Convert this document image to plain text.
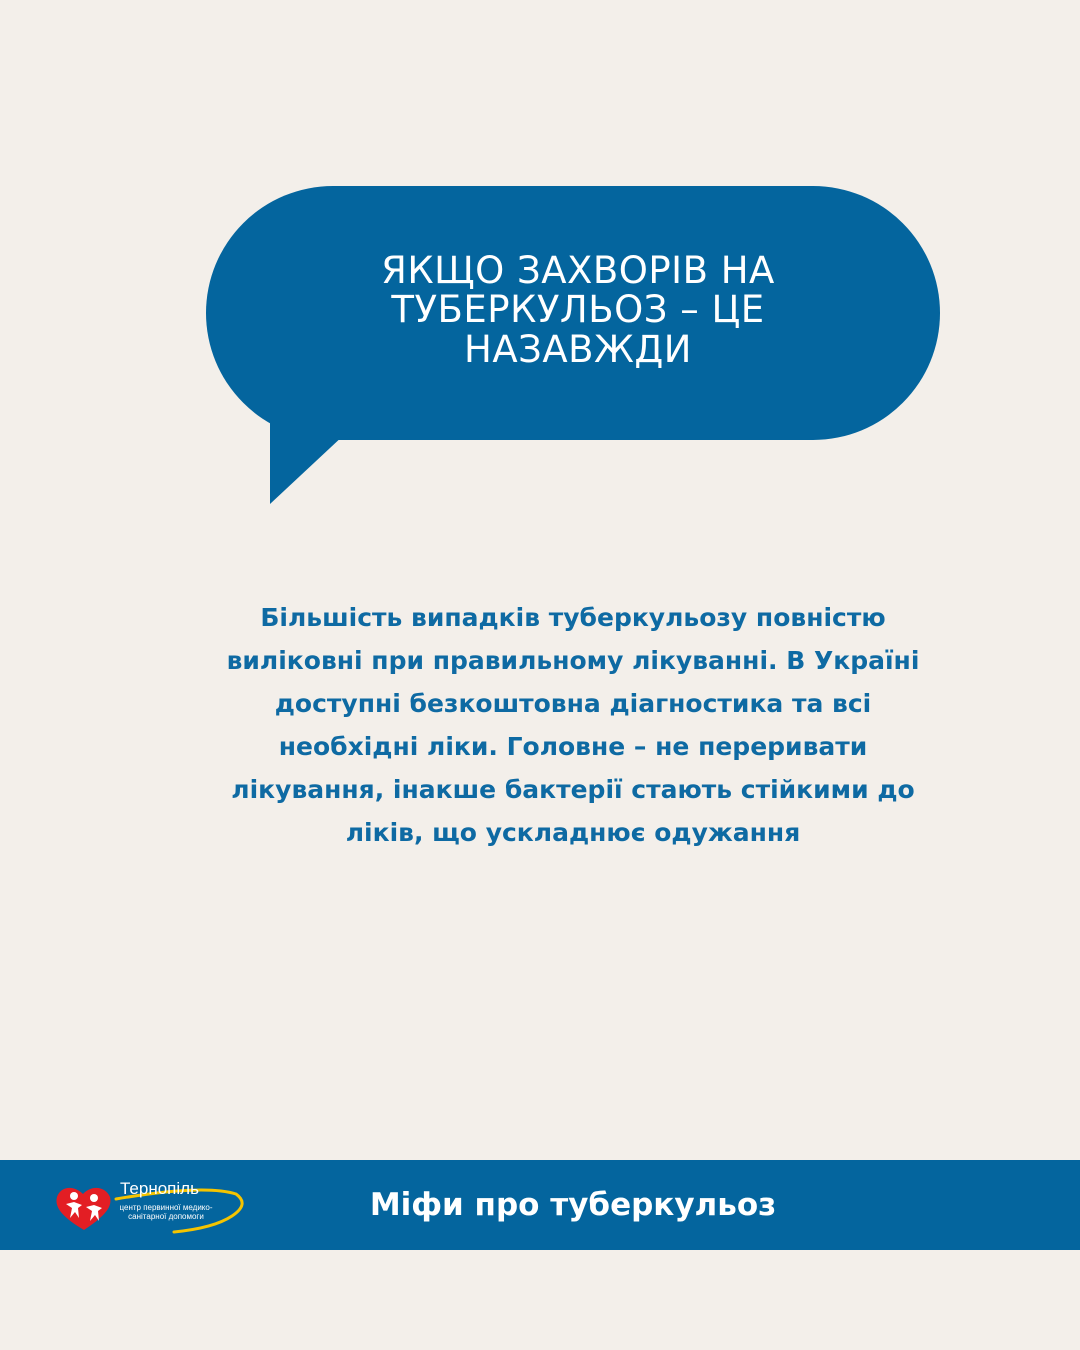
ЯКЩО ЗАХВОРІВ НА ТУБЕРКУЛЬОЗ – ЦЕ НАЗАВЖДИ
Більшість випадків туберкульозу повністю виліковні при правильному лікуванні. В Україні доступні безкоштовна діагностика та всі необхідні ліки. Головне – не переривати лікування, інакше бактерії стають стійкими до ліків, що ускладнює одужання
Тернопіль
центр первинної медико-санітарної допомоги	Міфи про туберкульоз
